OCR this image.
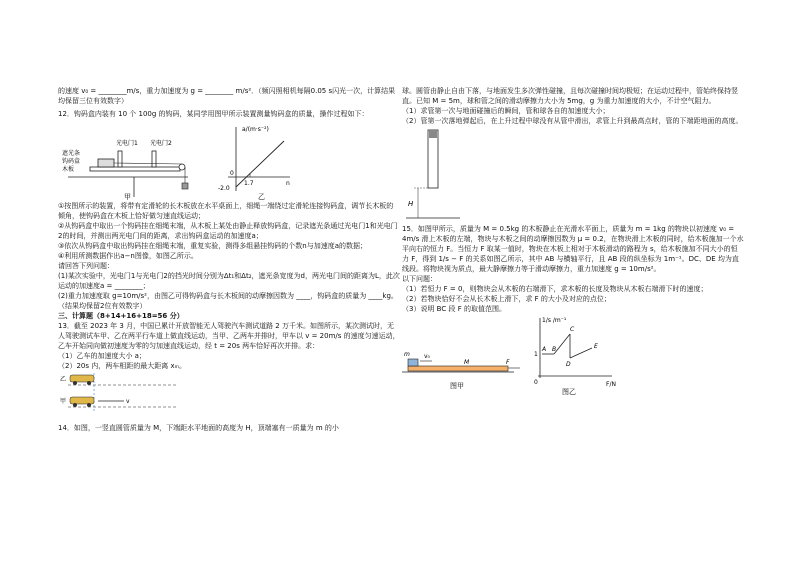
的速度 v₀ = ________m/s，重力加速度为 g = ________ m/s²．（频闪照相机每隔0.05 s闪光一次，计算结果均保留三位有效数字）

12．钩码盒内装有 10 个 100g 的钩码，某同学用图甲所示装置测量钩码盒的质量，操作过程如下：

光电门1 光电门2
遮光条
钩码盒
木板
甲
a/(m·s⁻²)
0
1.7	n
-2.0
乙

①按图所示的装置，将带有定滑轮的长木板放在水平桌面上，细绳一端绕过定滑轮连接钩码盒，调节长木板的倾角，使钩码盒在木板上恰好做匀速直线运动；

②从钩码盒中取出一个钩码挂在细绳末端，从木板上某处由静止释放钩码盒，记录遮光条通过光电门1和光电门2的时间，并测出两光电门间的距离，求出钩码盒运动的加速度a；

③依次从钩码盒中取出钩码挂在细绳末端，重复实验，测得多组悬挂钩码的个数n与加速度a的数据；

④利用所测数据作出a−n图像，如图乙所示。

请回答下列问题：

(1)某次实验中，光电门1与光电门2的挡光时间分别为Δt₁和Δt₂，遮光条宽度为d，两光电门间的距离为L，此次运动的加速度a = ________；

(2)重力加速度取 g=10m/s²，由图乙可得钩码盒与长木板间的动摩擦因数为 ____，钩码盒的质量为 ____kg。（结果均保留2位有效数字）

三、计算题（8+14+16+18=56 分）

13．截至 2023 年 3 月，中国已累计开放智能无人驾驶汽车测试道路 2 万千米。如图所示，某次测试时，无人驾驶测试车甲、乙在两平行车道上做直线运动，当甲、乙两车并排时，甲车以 v = 20m/s 的速度匀速运动，乙车开始同向做初速度为零的匀加速直线运动，经 t = 20s 两车恰好再次并排。求：

（1）乙车的加速度大小 a；

（2）20s 内，两车相距的最大距离 xₘ。

乙
甲	v

14．如图，一竖直圆管质量为 M，下端距水平地面的高度为 H，顶端塞有一质量为 m 的小

球。圆管由静止自由下落，与地面发生多次弹性碰撞，且每次碰撞时间均极短；在运动过程中，管始终保持竖直。已知 M = 5m，球和管之间的滑动摩擦力大小为 5mg，g 为重力加速度的大小，不计空气阻力。

（1）求管第一次与地面碰撞后的瞬间，管和球各自的加速度大小；

（2）管第一次落地弹起后，在上升过程中球没有从管中滑出，求管上升到最高点时，管的下端距地面的高度。

H

15．如图甲所示，质量为 M = 0.5kg 的木板静止在光滑水平面上，质量为 m = 1kg 的物块以初速度 v₀ = 4m/s 滑上木板的左端，物块与木板之间的动摩擦因数为 μ = 0.2，在物块滑上木板的同时，给木板施加一个水平向右的恒力 F。当恒力 F 取某一值时，物块在木板上相对于木板滑动的路程为 s，给木板施加不同大小的恒力 F，得到 1/s − F 的关系如图乙所示，其中 AB 与横轴平行，且 AB 段的纵坐标为 1m⁻¹。DC、DE 均为直线段。将物块视为质点，最大静摩擦力等于滑动摩擦力，重力加速度 g = 10m/s²。

以下问题：

（1）若恒力 F = 0，则物块会从木板的右端滑下，求木板的长度及物块从木板右端滑下时的速度；

（2）若物块恰好不会从长木板上滑下，求 F 的大小及对应的点位；

（3）说明 BC 段 F 的取值范围。

m v₀
M	F
图甲
1/s /m⁻¹
A B
C
D
E
0
1
F/N
图乙
